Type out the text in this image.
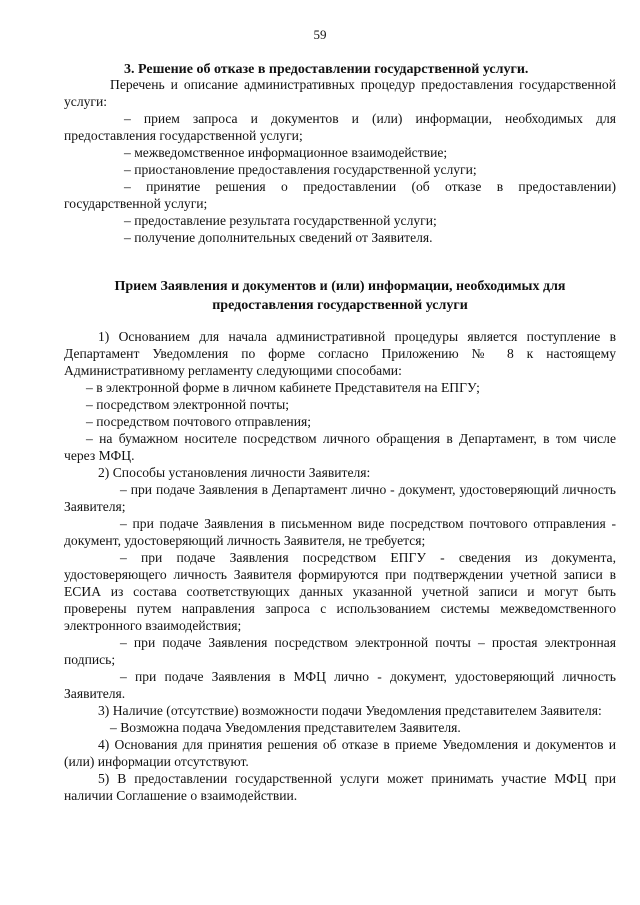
59
3. Решение об отказе в предоставлении государственной услуги.

Перечень и описание административных процедур предоставления государственной услуги:

– прием запроса и документов и (или) информации, необходимых для предоставления государственной услуги;

– межведомственное информационное взаимодействие;

– приостановление предоставления государственной услуги;

– принятие решения о предоставлении (об отказе в предоставлении) государственной услуги;

– предоставление результата государственной услуги;

– получение дополнительных сведений от Заявителя.

Прием Заявления и документов и (или) информации, необходимых для
предоставления государственной услуги

1) Основанием для начала административной процедуры является поступление в Департамент Уведомления по форме согласно Приложению № 8 к настоящему Административному регламенту следующими способами:

– в электронной форме в личном кабинете Представителя на ЕПГУ;

– посредством электронной почты;

– посредством почтового отправления;

– на бумажном носителе посредством личного обращения в Департамент, в том числе через МФЦ.

2) Способы установления личности Заявителя:

– при подаче Заявления в Департамент лично - документ, удостоверяющий личность Заявителя;

– при подаче Заявления в письменном виде посредством почтового отправления - документ, удостоверяющий личность Заявителя, не требуется;

– при подаче Заявления посредством ЕПГУ - сведения из документа, удостоверяющего личность Заявителя формируются при подтверждении учетной записи в ЕСИА из состава соответствующих данных указанной учетной записи и могут быть проверены путем направления запроса с использованием системы межведомственного электронного взаимодействия;

– при подаче Заявления посредством электронной почты – простая электронная подпись;

– при подаче Заявления в МФЦ лично - документ, удостоверяющий личность Заявителя.

3) Наличие (отсутствие) возможности подачи Уведомления представителем Заявителя:

– Возможна подача Уведомления представителем Заявителя.

4) Основания для принятия решения об отказе в приеме Уведомления и документов и (или) информации отсутствуют.

5) В предоставлении государственной услуги может принимать участие МФЦ при наличии Соглашение о взаимодействии.
